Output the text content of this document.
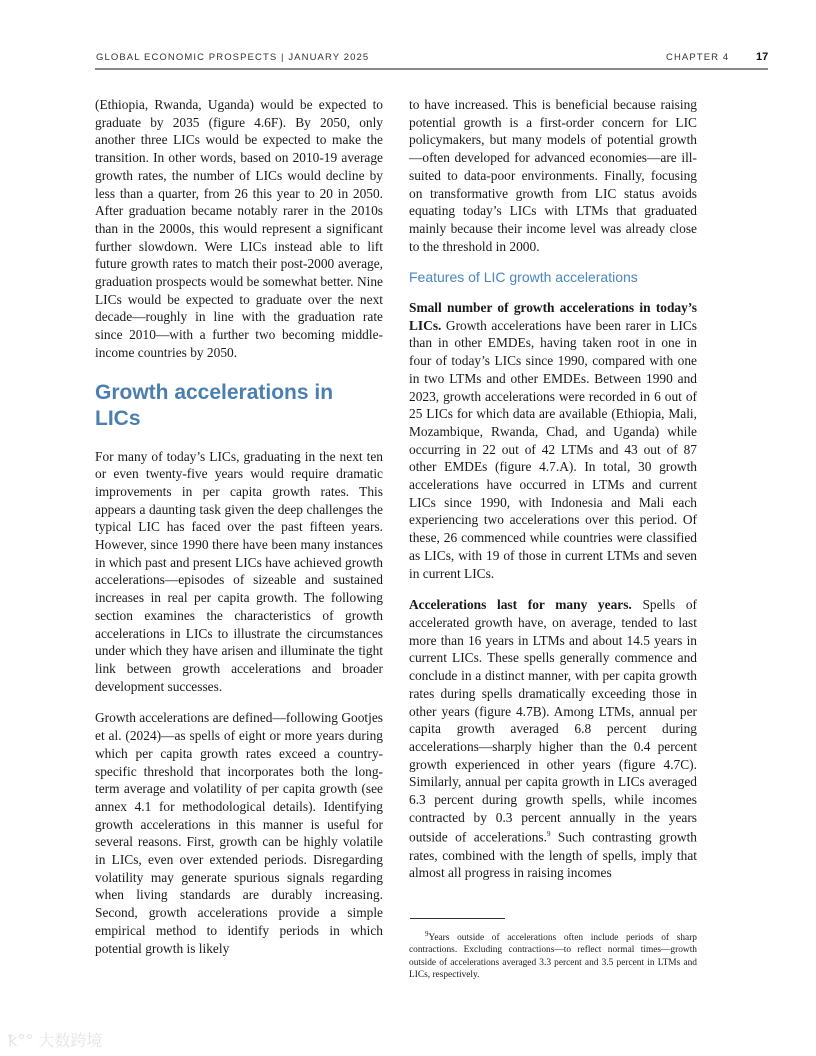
GLOBAL ECONOMIC PROSPECTS | JANUARY 2025	CHAPTER 4 17

(Ethiopia, Rwanda, Uganda) would be expected to graduate by 2035 (figure 4.6F). By 2050, only another three LICs would be expected to make the transition. In other words, based on 2010-19 average growth rates, the number of LICs would decline by less than a quarter, from 26 this year to 20 in 2050. After graduation became notably rarer in the 2010s than in the 2000s, this would represent a significant further slowdown. Were LICs instead able to lift future growth rates to match their post-2000 average, graduation prospects would be somewhat better. Nine LICs would be expected to graduate over the next decade—roughly in line with the graduation rate since 2010—with a further two becoming middle-income countries by 2050.

Growth accelerations in LICs

For many of today’s LICs, graduating in the next ten or even twenty-five years would require dramatic improvements in per capita growth rates. This appears a daunting task given the deep challenges the typical LIC has faced over the past fifteen years. However, since 1990 there have been many instances in which past and present LICs have achieved growth accelerations—episodes of sizeable and sustained increases in real per capita growth. The following section examines the characteristics of growth accelerations in LICs to illustrate the circumstances under which they have arisen and illuminate the tight link between growth accelerations and broader development successes.

Growth accelerations are defined—following Gootjes et al. (2024)—as spells of eight or more years during which per capita growth rates exceed a country-specific threshold that incorporates both the long-term average and volatility of per capita growth (see annex 4.1 for methodological details). Identifying growth accelerations in this manner is useful for several reasons. First, growth can be highly volatile in LICs, even over extended periods. Disregarding volatility may generate spurious signals regarding when living standards are durably increasing. Second, growth accelerations provide a simple empirical method to identify periods in which potential growth is likely

to have increased. This is beneficial because raising potential growth is a first-order concern for LIC policymakers, but many models of potential growth—often developed for advanced economies—are ill-suited to data-poor environments. Finally, focusing on transformative growth from LIC status avoids equating today’s LICs with LTMs that graduated mainly because their income level was already close to the threshold in 2000.

Features of LIC growth accelerations

Small number of growth accelerations in today’s LICs. Growth accelerations have been rarer in LICs than in other EMDEs, having taken root in one in four of today’s LICs since 1990, compared with one in two LTMs and other EMDEs. Between 1990 and 2023, growth accelerations were recorded in 6 out of 25 LICs for which data are available (Ethiopia, Mali, Mozambique, Rwanda, Chad, and Uganda) while occurring in 22 out of 42 LTMs and 43 out of 87 other EMDEs (figure 4.7.A). In total, 30 growth accelerations have occurred in LTMs and current LICs since 1990, with Indonesia and Mali each experiencing two accelerations over this period. Of these, 26 commenced while countries were classified as LICs, with 19 of those in current LTMs and seven in current LICs.

Accelerations last for many years. Spells of accelerated growth have, on average, tended to last more than 16 years in LTMs and about 14.5 years in current LICs. These spells generally commence and conclude in a distinct manner, with per capita growth rates during spells dramatically exceeding those in other years (figure 4.7B). Among LTMs, annual per capita growth averaged 6.8 percent during accelerations—sharply higher than the 0.4 percent growth experienced in other years (figure 4.7C). Similarly, annual per capita growth in LICs averaged 6.3 percent during growth spells, while incomes contracted by 0.3 percent annually in the years outside of accelerations.$^9$ Such contrasting growth rates, combined with the length of spells, imply that almost all progress in raising incomes

$^9$Years outside of accelerations often include periods of sharp contractions. Excluding contractions—to reflect normal times—growth outside of accelerations averaged 3.3 percent and 3.5 percent in LTMs and LICs, respectively.

ꝁ°° 大数跨境
